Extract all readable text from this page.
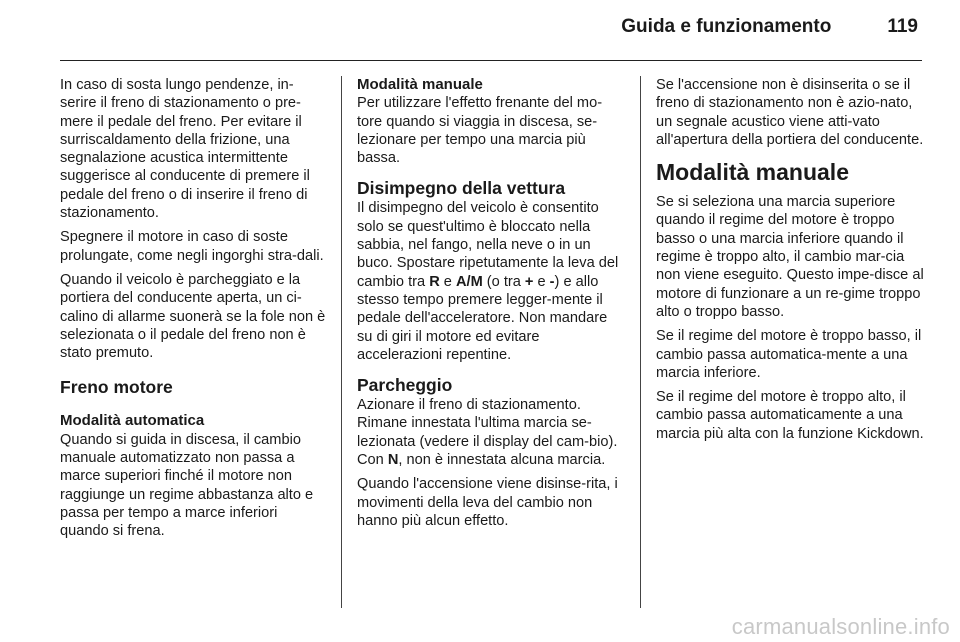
Guida e funzionamento	119

In caso di sosta lungo pendenze, in-serire il freno di stazionamento o pre-mere il pedale del freno. Per evitare il surriscaldamento della frizione, una segnalazione acustica intermittente suggerisce al conducente di premere il pedale del freno o di inserire il freno di stazionamento.

Spegnere il motore in caso di soste prolungate, come negli ingorghi stra-dali.

Quando il veicolo è parcheggiato e la portiera del conducente aperta, un ci-calino di allarme suonerà se la fole non è selezionata o il pedale del freno non è stato premuto.

Freno motore
Modalità automatica

Quando si guida in discesa, il cambio manuale automatizzato non passa a marce superiori finché il motore non raggiunge un regime abbastanza alto e passa per tempo a marce inferiori quando si frena.

Modalità manuale

Per utilizzare l'effetto frenante del mo-tore quando si viaggia in discesa, se-lezionare per tempo una marcia più bassa.

Disimpegno della vettura

Il disimpegno del veicolo è consentito solo se quest'ultimo è bloccato nella sabbia, nel fango, nella neve o in un buco. Spostare ripetutamente la leva del cambio tra R e A/M (o tra + e -) e allo stesso tempo premere legger-mente il pedale dell'acceleratore. Non mandare su di giri il motore ed evitare accelerazioni repentine.

Parcheggio

Azionare il freno di stazionamento. Rimane innestata l'ultima marcia se-lezionata (vedere il display del cam-bio). Con N, non è innestata alcuna marcia.

Quando l'accensione viene disinse-rita, i movimenti della leva del cambio non hanno più alcun effetto.

Se l'accensione non è disinserita o se il freno di stazionamento non è azio-nato, un segnale acustico viene atti-vato all'apertura della portiera del conducente.

Modalità manuale

Se si seleziona una marcia superiore quando il regime del motore è troppo basso o una marcia inferiore quando il regime è troppo alto, il cambio mar-cia non viene eseguito. Questo impe-disce al motore di funzionare a un re-gime troppo alto o troppo basso.

Se il regime del motore è troppo basso, il cambio passa automatica-mente a una marcia inferiore.

Se il regime del motore è troppo alto, il cambio passa automaticamente a una marcia più alta con la funzione Kickdown.

carmanualsonline.info
